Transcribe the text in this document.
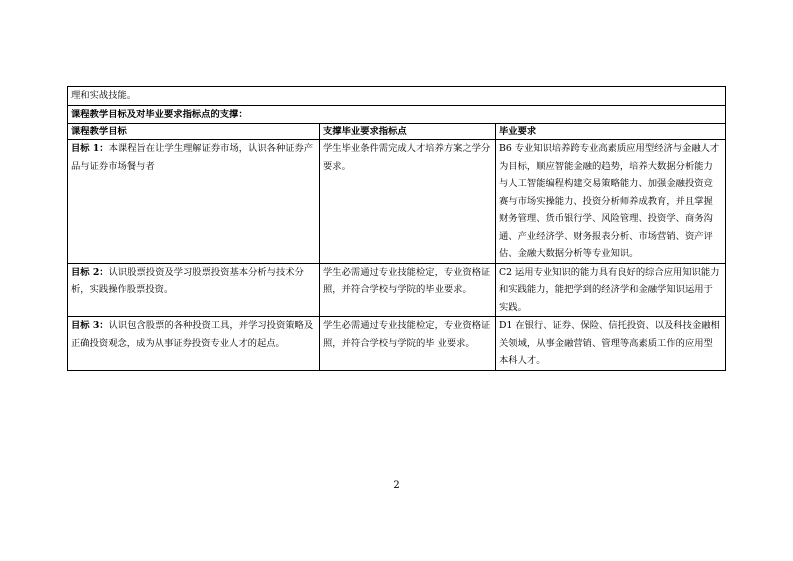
理和实战技能。		
课程教学目标及对毕业要求指标点的支撑：		
课程教学目标	支撑毕业要求指标点	毕业要求
目标 1：本课程旨在让学生理解证券市场，认识各种证券产品与证券市场餐与者	学生毕业条件需完成人才培养方案之学分要求。	B6 专业知识培养跨专业高素质应用型经济与金融人才为目标，顺应智能金融的趋势，培养大数据分析能力与人工智能编程构建交易策略能力、加强金融投资竞赛与市场实操能力、投资分析师养成教育，并且掌握财务管理、货币银行学、风险管理、投资学、商务沟通、产业经济学、财务报表分析、市场营销、资产评估、金融大数据分析等专业知识。
目标 2：认识股票投资及学习股票投资基本分析与技术分析，实践操作股票投资。	学生必需通过专业技能检定，专业资格证照，并符合学校与学院的毕业要求。	C2 运用专业知识的能力具有良好的综合应用知识能力和实践能力，能把学到的经济学和金融学知识运用于实践。
目标 3：认识包含股票的各种投资工具，并学习投资策略及正确投资观念，成为从事证券投资专业人才的起点。	学生必需通过专业技能检定，专业资格证照，并符合学校与学院的毕 业要求。	D1 在银行、证券、保险、信托投资、以及科技金融相关领域，从事金融营销、管理等高素质工作的应用型本科人才。
2
